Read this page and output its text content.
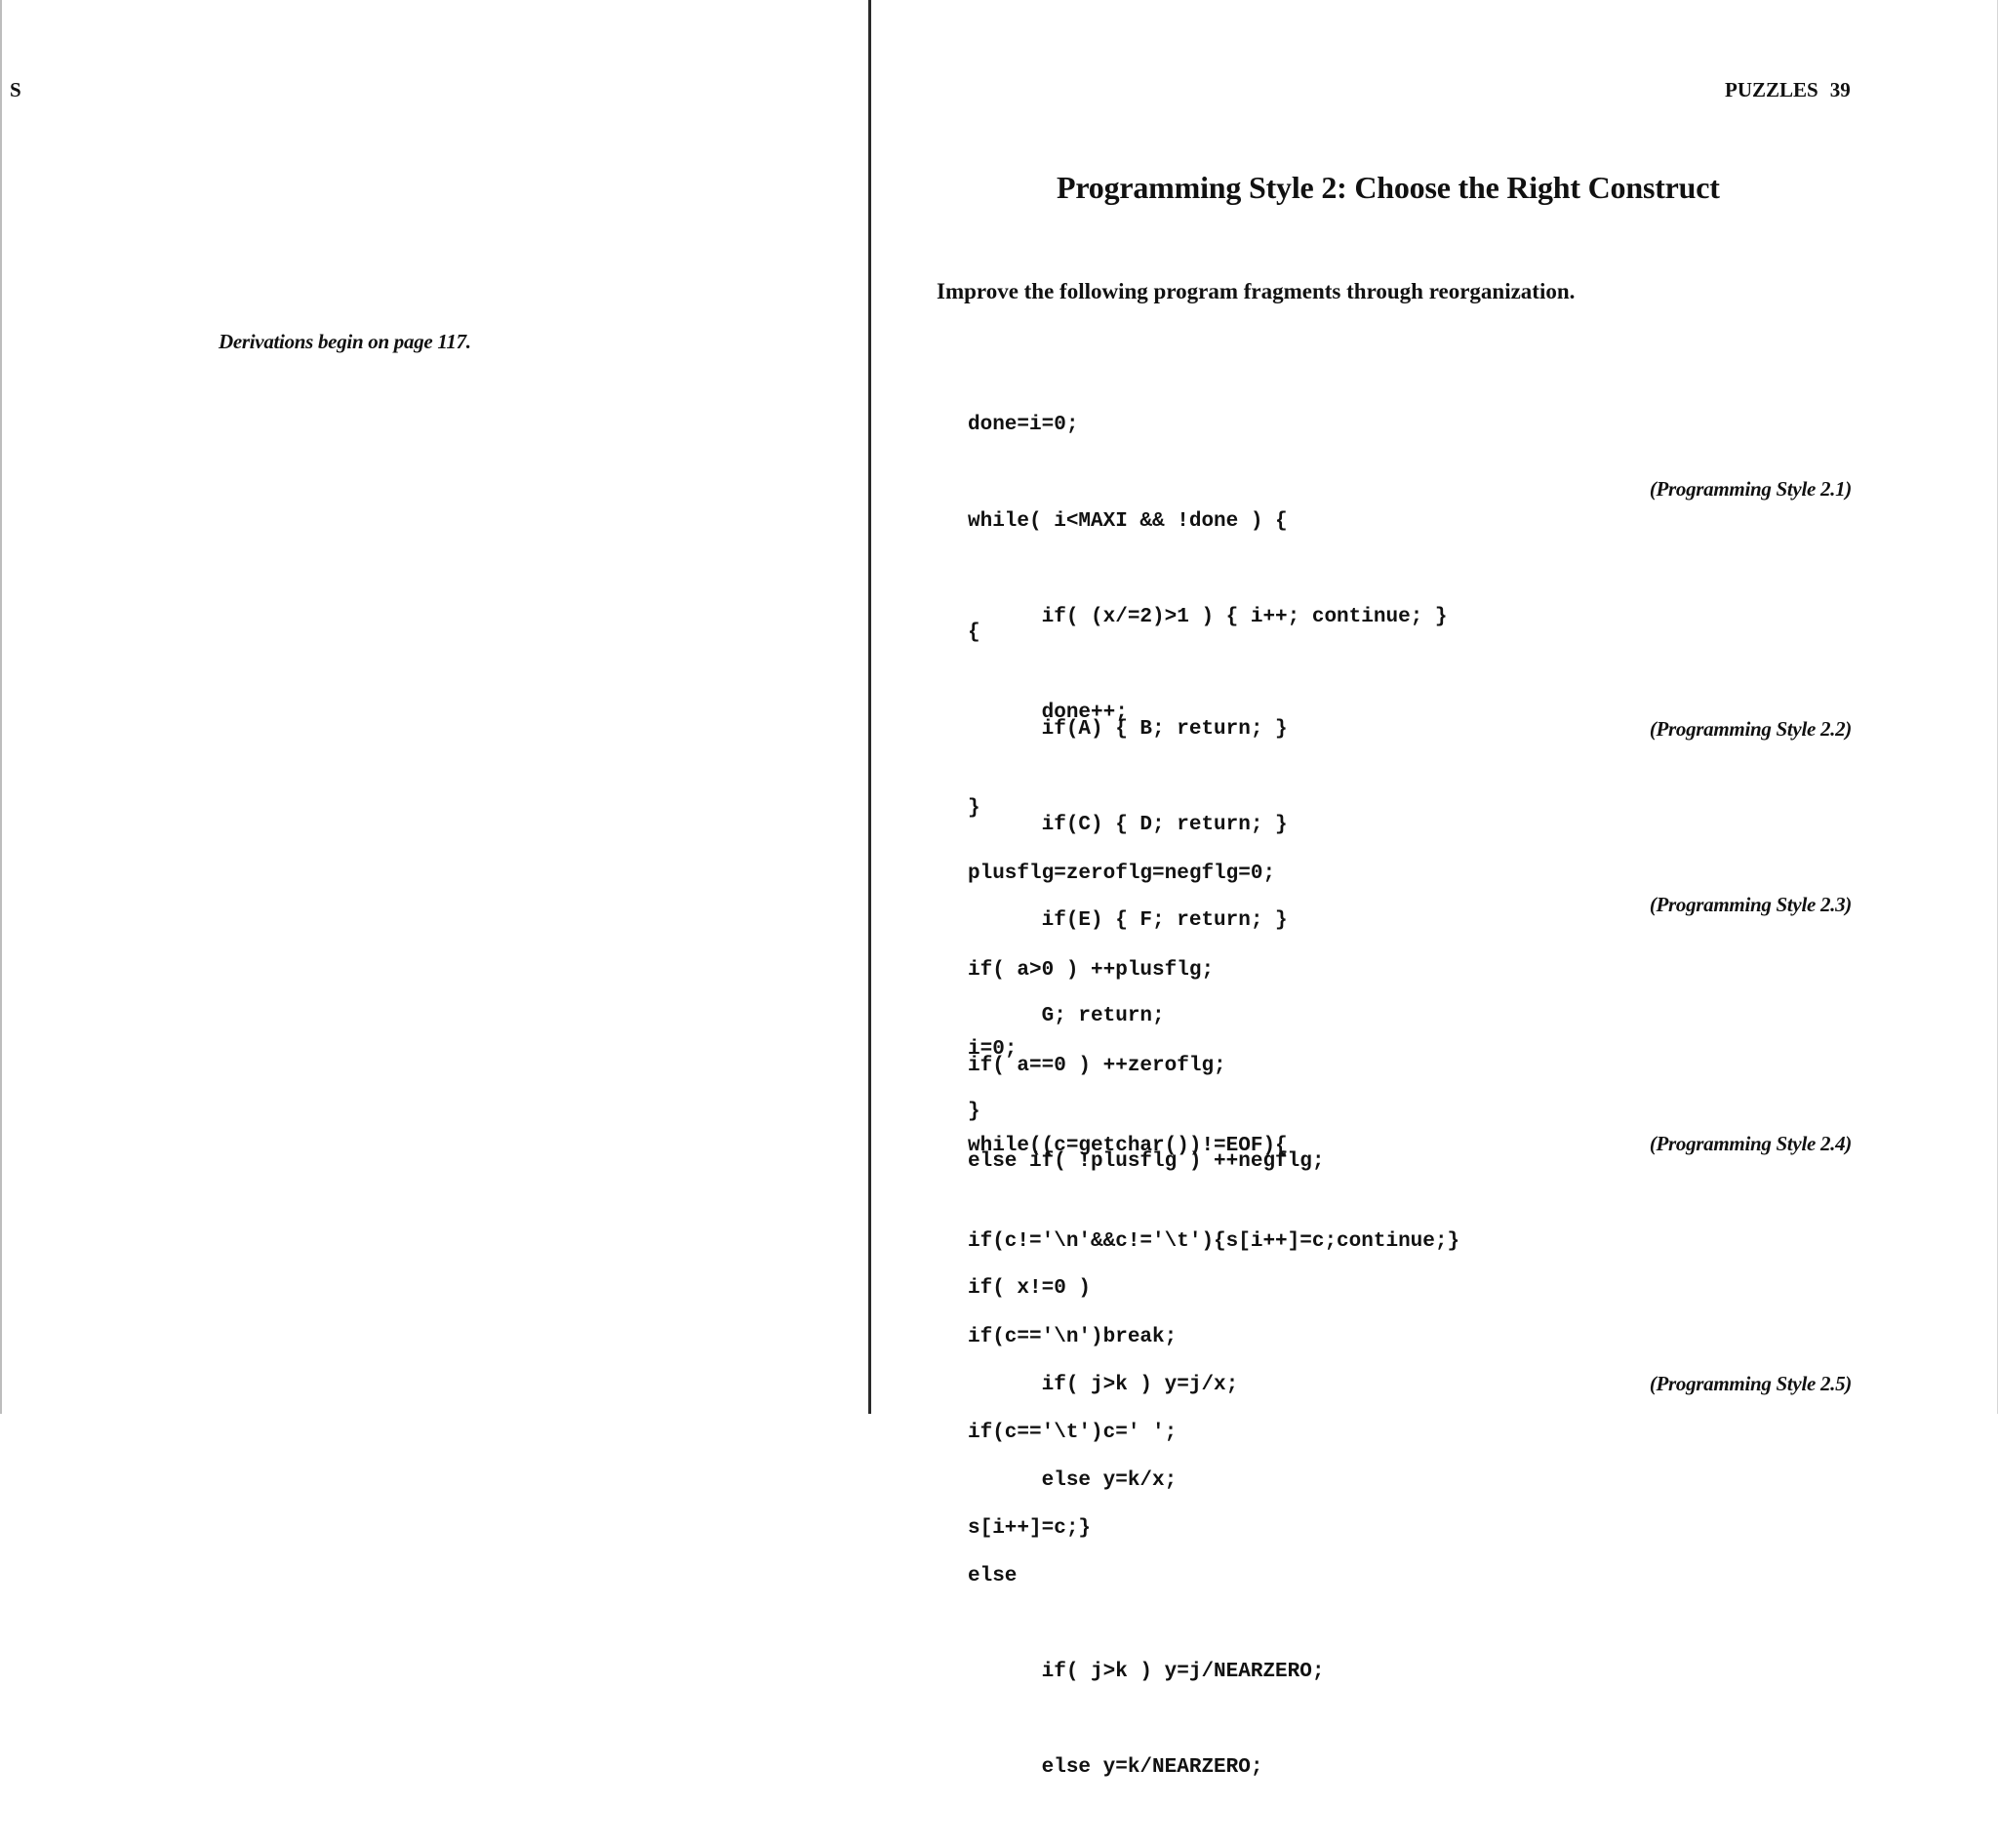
S
Derivations begin on page 117.
PUZZLES 39
Programming Style 2: Choose the Right Construct
Improve the following program fragments through reorganization.

done=i=0;

while( i<MAXI && !done ) {

if( (x/=2)>1 ) { i++; continue; }

done++;

}

(Programming Style 2.1)

{

if(A) { B; return; }

if(C) { D; return; }

if(E) { F; return; }

G; return;

}

(Programming Style 2.2)

plusflg=zeroflg=negflg=0;

if( a>0 ) ++plusflg;

if( a==0 ) ++zeroflg;

else if( !plusflg ) ++negflg;

(Programming Style 2.3)

i=0;

while((c=getchar())!=EOF){

if(c!='\n'&&c!='\t'){s[i++]=c;continue;}

if(c=='\n')break;

if(c=='\t')c=' ';

s[i++]=c;}

(Programming Style 2.4)

if( x!=0 )

if( j>k ) y=j/x;

else y=k/x;

else

if( j>k ) y=j/NEARZERO;

else y=k/NEARZERO;

(Programming Style 2.5)
